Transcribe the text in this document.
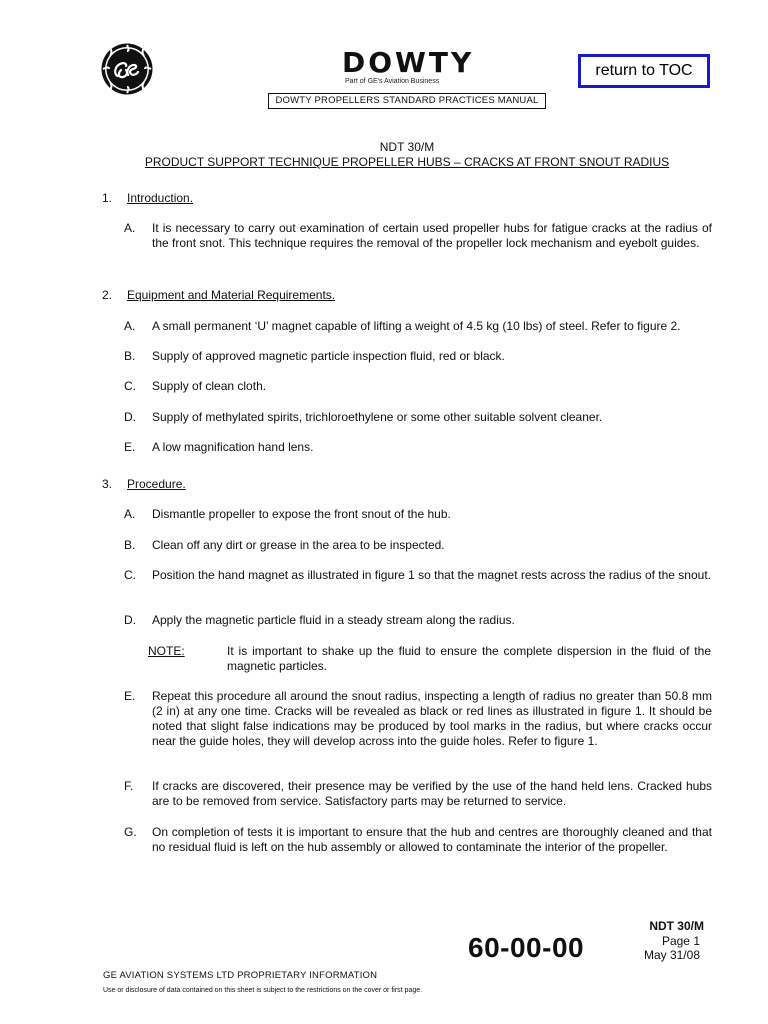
DOWTY
Part of GE's Aviation Business
DOWTY PROPELLERS STANDARD PRACTICES MANUAL
return to TOC
NDT 30/M
PRODUCT SUPPORT TECHNIQUE PROPELLER HUBS – CRACKS AT FRONT SNOUT RADIUS
1. Introduction.
A. It is necessary to carry out examination of certain used propeller hubs for fatigue cracks at the radius of the front snot. This technique requires the removal of the propeller lock mechanism and eyebolt guides.
2. Equipment and Material Requirements.
A. A small permanent ‘U’ magnet capable of lifting a weight of 4.5 kg (10 lbs) of steel. Refer to figure 2.
B. Supply of approved magnetic particle inspection fluid, red or black.
C. Supply of clean cloth.
D. Supply of methylated spirits, trichloroethylene or some other suitable solvent cleaner.
E. A low magnification hand lens.
3. Procedure.
A. Dismantle propeller to expose the front snout of the hub.
B. Clean off any dirt or grease in the area to be inspected.
C. Position the hand magnet as illustrated in figure 1 so that the magnet rests across the radius of the snout.
D. Apply the magnetic particle fluid in a steady stream along the radius.
NOTE:	It is important to shake up the fluid to ensure the complete dispersion in the fluid of the magnetic particles.
E. Repeat this procedure all around the snout radius, inspecting a length of radius no greater than 50.8 mm (2 in) at any one time. Cracks will be revealed as black or red lines as illustrated in figure 1. It should be noted that slight false indications may be produced by tool marks in the radius, but where cracks occur near the guide holes, they will develop across into the guide holes. Refer to figure 1.
F. If cracks are discovered, their presence may be verified by the use of the hand held lens. Cracked hubs are to be removed from service. Satisfactory parts may be returned to service.
G. On completion of tests it is important to ensure that the hub and centres are thoroughly cleaned and that no residual fluid is left on the hub assembly or allowed to contaminate the interior of the propeller.
NDT 30/M
Page 1
May 31/08
60-00-00
GE AVIATION SYSTEMS LTD PROPRIETARY INFORMATION
Use or disclosure of data contained on this sheet is subject to the restrictions on the cover or first page.
